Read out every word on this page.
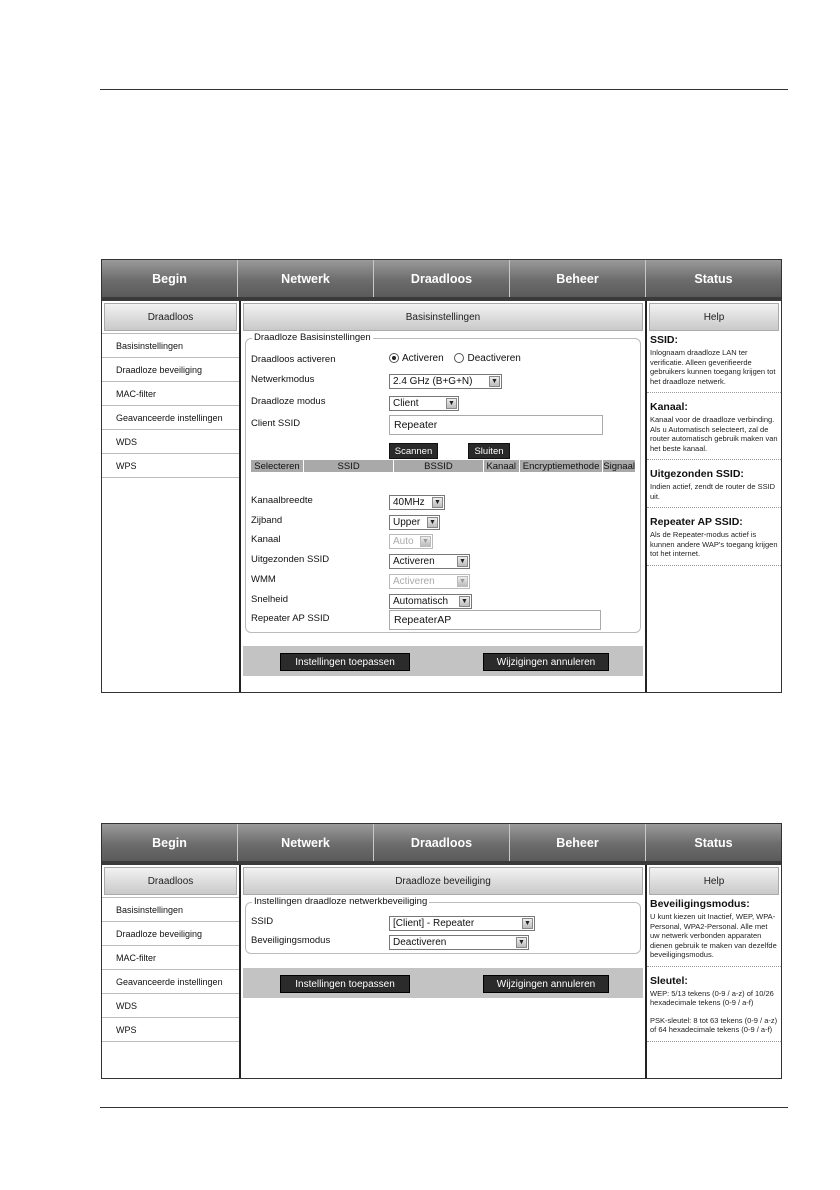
Begin	Netwerk	Draadloos	Beheer	Status
Draadloos
Basisinstellingen
Draadloze beveiliging
MAC-filter
Geavanceerde instellingen
WDS
WPS
Basisinstellingen
Draadloze Basisinstellingen
Draadloos activeren	Activeren Deactiveren
Netwerkmodus	2.4 GHz (B+G+N)	▼
Draadloze modus	Client	▼
Client SSID	Repeater
Scannen	Sluiten
Selecteren	SSID	BSSID	Kanaal Encryptiemethode Signaal
Kanaalbreedte	40MHz ▼
Zijband	Upper ▼
Kanaal	Auto ▼
Uitgezonden SSID	Activeren	▼
WMM	Activeren	▼
Snelheid	Automatisch ▼
Repeater AP SSID	RepeaterAP
Instellingen toepassen	Wijzigingen annuleren
Help
SSID:
Inlognaam draadloze LAN ter verificatie. Alleen geverifieerde gebruikers kunnen toegang krijgen tot het draadloze netwerk.
Kanaal:
Kanaal voor de draadloze verbinding. Als u Automatisch selecteert, zal de router automatisch gebruik maken van het beste kanaal.
Uitgezonden SSID:
Indien actief, zendt de router de SSID uit.
Repeater AP SSID:
Als de Repeater-modus actief is kunnen andere WAP's toegang krijgen tot het internet.
Begin	Netwerk	Draadloos	Beheer	Status
Draadloos
Basisinstellingen
Draadloze beveiliging
MAC-filter
Geavanceerde instellingen
WDS
WPS
Draadloze beveiliging
Instellingen draadloze netwerkbeveiliging
SSID	[Client] - Repeater	▼
Beveiligingsmodus	Deactiveren	▼
Instellingen toepassen	Wijzigingen annuleren
Help
Beveiligingsmodus:
U kunt kiezen uit Inactief, WEP, WPA-Personal, WPA2-Personal. Alle met uw netwerk verbonden apparaten dienen gebruik te maken van dezelfde beveiligingsmodus.
Sleutel:
WEP: 5/13 tekens (0-9 / a-z) of 10/26 hexadecimale tekens (0-9 / a-f)
PSK-sleutel: 8 tot 63 tekens (0-9 / a-z) of 64 hexadecimale tekens (0-9 / a-f)
